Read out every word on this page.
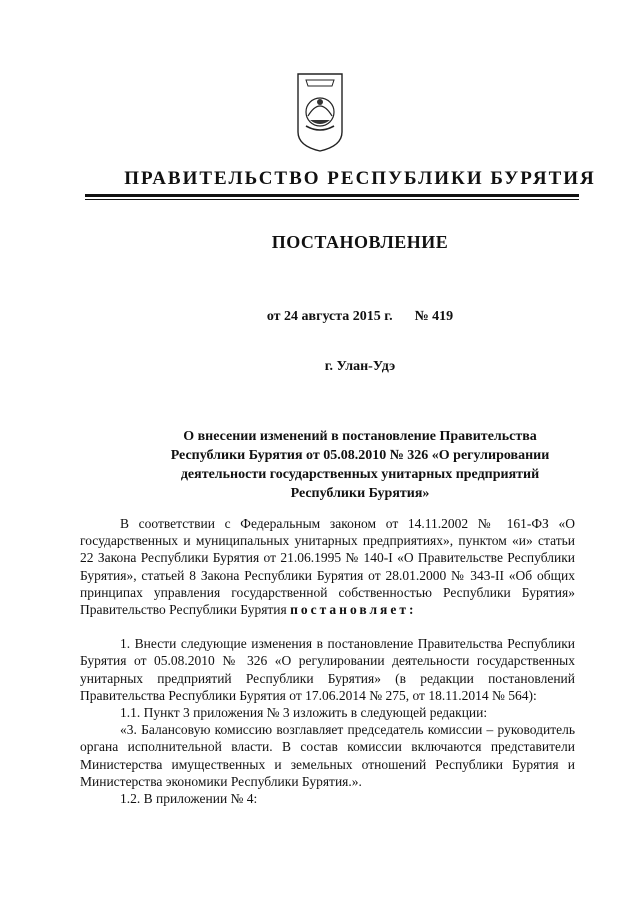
ПРАВИТЕЛЬСТВО РЕСПУБЛИКИ БУРЯТИЯ
ПОСТАНОВЛЕНИЕ
от 24 августа 2015 г. № 419
г. Улан-Удэ
О внесении изменений в постановление Правительства
Республики Бурятия от 05.08.2010 № 326 «О регулировании
деятельности государственных унитарных предприятий
Республики Бурятия»

В соответствии с Федеральным законом от 14.11.2002 № 161-ФЗ «О государственных и муниципальных унитарных предприятиях», пунктом «и» статьи 22 Закона Республики Бурятия от 21.06.1995 № 140-I «О Правительстве Республики Бурятия», статьей 8 Закона Республики Бурятия от 28.01.2000 № 343-II «Об общих принципах управления государственной собственностью Республики Бурятия» Правительство Республики Бурятия постановляет:

1. Внести следующие изменения в постановление Правительства Республики Бурятия от 05.08.2010 № 326 «О регулировании деятельности государственных унитарных предприятий Республики Бурятия» (в редакции постановлений Правительства Республики Бурятия от 17.06.2014 № 275, от 18.11.2014 № 564):

1.1. Пункт 3 приложения № 3 изложить в следующей редакции:

«3. Балансовую комиссию возглавляет председатель комиссии – руководитель органа исполнительной власти. В состав комиссии включаются представители Министерства имущественных и земельных отношений Республики Бурятия и Министерства экономики Республики Бурятия.».

1.2. В приложении № 4:
